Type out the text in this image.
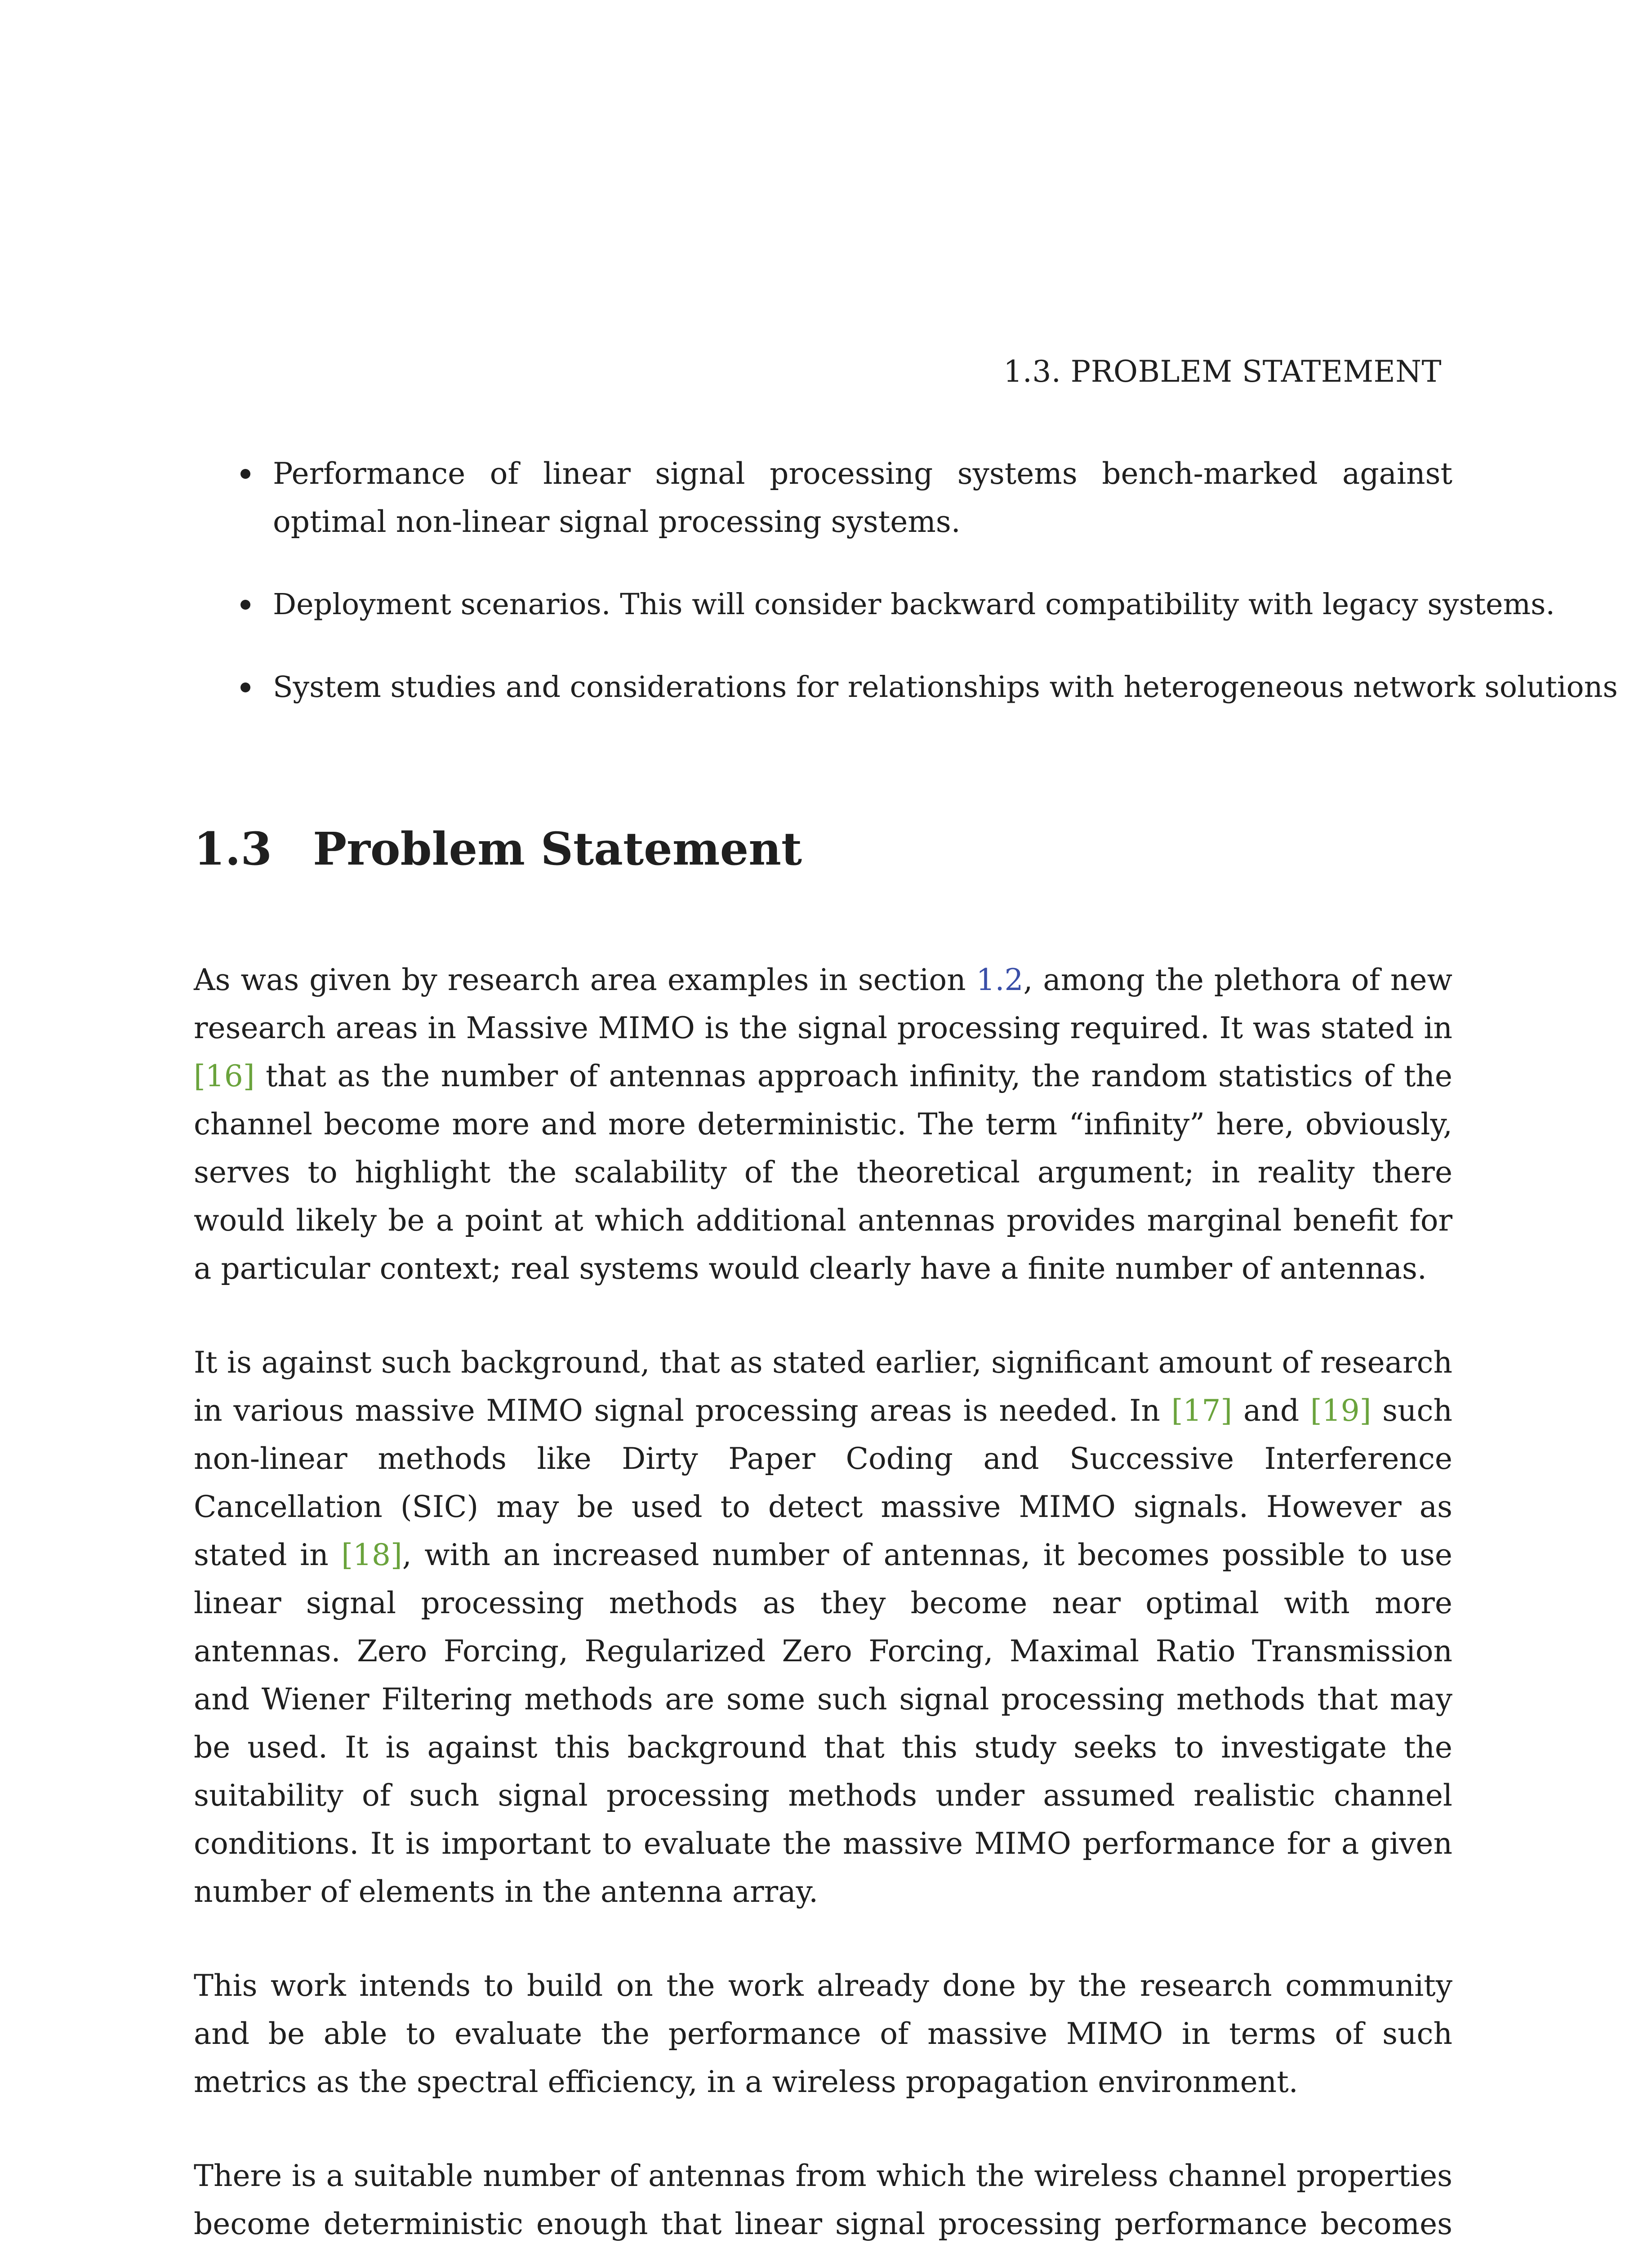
1.3. PROBLEM STATEMENT
Performance of linear signal processing systems bench-marked against optimal non-linear signal processing systems.
Deployment scenarios. This will consider backward compatibility with legacy systems.
System studies and considerations for relationships with heterogeneous network solutions
1.3 Problem Statement

As was given by research area examples in section 1.2, among the plethora of new research areas in Massive MIMO is the signal processing required. It was stated in [16] that as the number of antennas approach infinity, the random statistics of the channel become more and more deterministic. The term “infinity” here, obviously, serves to highlight the scalability of the theoretical argument; in reality there would likely be a point at which additional antennas provides marginal benefit for a particular context; real systems would clearly have a finite number of antennas.

It is against such background, that as stated earlier, significant amount of research in various massive MIMO signal processing areas is needed. In [17] and [19] such non-linear methods like Dirty Paper Coding and Successive Interference Cancellation (SIC) may be used to detect massive MIMO signals. However as stated in [18], with an increased number of antennas, it becomes possible to use linear signal processing methods as they become near optimal with more antennas. Zero Forcing, Regularized Zero Forcing, Maximal Ratio Transmission and Wiener Filtering methods are some such signal processing methods that may be used. It is against this background that this study seeks to investigate the suitability of such signal processing methods under assumed realistic channel conditions. It is important to evaluate the massive MIMO performance for a given number of elements in the antenna array.

This work intends to build on the work already done by the research community and be able to evaluate the performance of massive MIMO in terms of such metrics as the spectral efficiency, in a wireless propagation environment.

There is a suitable number of antennas from which the wireless channel properties become deterministic enough that linear signal processing performance becomes
